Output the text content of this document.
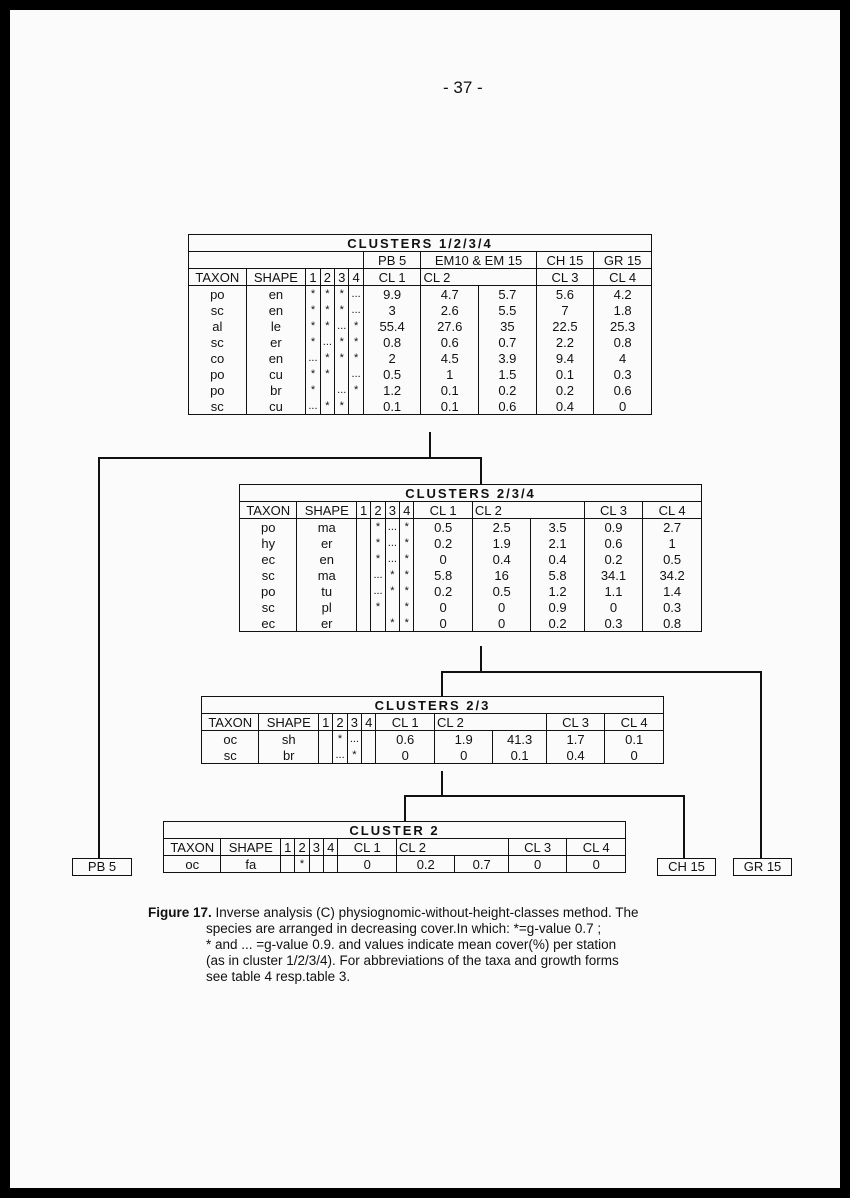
- 37 -
CLUSTERS 1/2/3/4										
						PB 5	EM10 & EM 15		CH 15	GR 15
TAXON	SHAPE	1	2	3	4	CL 1	CL 2		CL 3	CL 4
po	en	*	*	*	...	9.9	4.7	5.7	5.6	4.2
sc	en	*	*	*	...	3	2.6	5.5	7	1.8
al	le	*	*	...	*	55.4	27.6	35	22.5	25.3
sc	er	*	...	*	*	0.8	0.6	0.7	2.2	0.8
co	en	...	*	*	*	2	4.5	3.9	9.4	4
po	cu	*	*		...	0.5	1	1.5	0.1	0.3
po	br	*		...	*	1.2	0.1	0.2	0.2	0.6
sc	cu	...	*	*		0.1	0.1	0.6	0.4	0
CLUSTERS 2/3/4										
TAXON	SHAPE	1	2	3	4	CL 1	CL 2		CL 3	CL 4
po	ma		*	...	*	0.5	2.5	3.5	0.9	2.7
hy	er		*	...	*	0.2	1.9	2.1	0.6	1
ec	en		*	...	*	0	0.4	0.4	0.2	0.5
sc	ma		...	*	*	5.8	16	5.8	34.1	34.2
po	tu		...	*	*	0.2	0.5	1.2	1.1	1.4
sc	pl		*		*	0	0	0.9	0	0.3
ec	er			*	*	0	0	0.2	0.3	0.8
CLUSTERS 2/3										
TAXON	SHAPE	1	2	3	4	CL 1	CL 2		CL 3	CL 4
oc	sh		*	...		0.6	1.9	41.3	1.7	0.1
sc	br		...	*		0	0	0.1	0.4	0
CLUSTER 2										
TAXON	SHAPE	1	2	3	4	CL 1	CL 2		CL 3	CL 4
oc	fa		*			0	0.2	0.7	0	0
PB 5	CH 15	GR 15
Figure 17. Inverse analysis (C) physiognomic-without-height-classes method. The
species are arranged in decreasing cover.In which: *=g-value 0.7 ;
* and ... =g-value 0.9. and values indicate mean cover(%) per station
(as in cluster 1/2/3/4). For abbreviations of the taxa and growth forms
see table 4 resp.table 3.
